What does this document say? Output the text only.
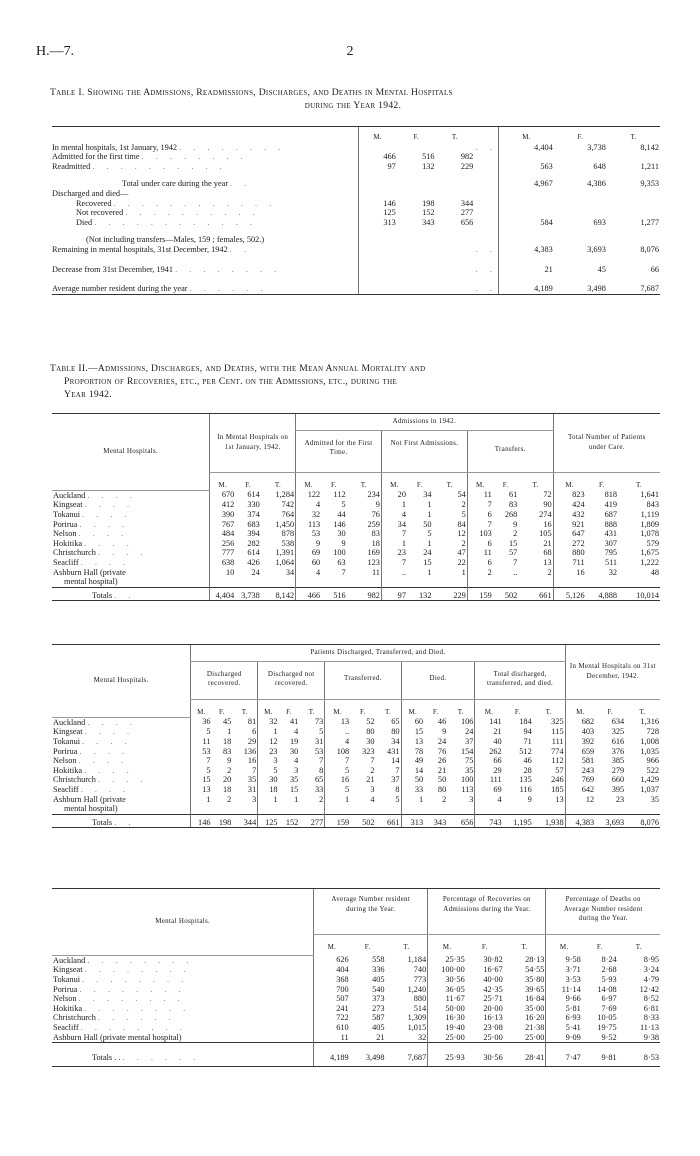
H.—7.	2
Table I. Showing the Admissions, Readmissions, Discharges, and Deaths in Mental Hospitals
during the Year 1942.
	M.	F.	T.		M.	F.	T.
In mental hospitals, 1st January, 1942 . . . . . . . .				. .	4,404	3,738	8,142
Admitted for the first time . . . . . . . .	466	516	982				
Readmitted . . . . . . . . . .	97	132	229		563	648	1,211
Total under care during the year . .					4,967	4,386	9,353
Discharged and died—							
Recovered . . . . . . . . . . . .	146	198	344				
Not recovered . . . . . . . . . .	125	152	277				
Died . . . . . . . . . . . .	313	343	656		584	693	1,277
(Not including transfers—Males, 159 ; females, 502.)							
Remaining in mental hospitals, 31st December, 1942 . .				. .	4,383	3,693	8,076
Decrease from 31st December, 1941 . . . . . . . .				. .	21	45	66
Average number resident during the year . . . . . .				. .	4,189	3,498	7,687
Table II.—Admissions, Discharges, and Deaths, with the Mean Annual Mortality and
Proportion of Recoveries, etc., per Cent. on the Admissions, etc., during the
Year 1942.
Mental Hospitals.	In Mental Hospitals on 1st January, 1942.			Admissions in 1942.									Total Number of Patients under Care.		
				Admitted for the First Time.			Not First Admissions.			Transfers.					
	M.	F.	T.	M.	F.	T.	M.	F.	T.	M.	F.	T.	M.	F.	T.
Auckland . . . .	670	614	1,284	122	112	234	20	34	54	11	61	72	823	818	1,641
Kingseat . . . .	412	330	742	4	5	9	1	1	2	7	83	90	424	419	843
Tokanui . . . .	390	374	764	32	44	76	4	1	5	6	268	274	432	687	1,119
Porirua . . . .	767	683	1,450	113	146	259	34	50	84	7	9	16	921	888	1,809
Nelson . . . .	484	394	878	53	30	83	7	5	12	103	2	105	647	431	1,078
Hokitika . . . .	256	282	538	9	9	18	1	1	2	6	15	21	272	307	579
Christchurch . . . .	777	614	1,391	69	100	169	23	24	47	11	57	68	880	795	1,675
Seacliff . . . .	638	426	1,064	60	63	123	7	15	22	6	7	13	711	511	1,222
Ashburn Hall (private	10	24	34	4	7	11	..	1	1	2	..	2	16	32	48
mental hospital)															
Totals . .	4,404	3,738	8,142	466	516	982	97	132	229	159	502	661	5,126	4,888	10,014
Mental Hospitals.	Patients Discharged, Transferred, and Died.															In Mental Hospitals on 31st December, 1942.		
	Discharged recovered.			Discharged not recovered.			Transferred.			Died.			Total discharged, transferred, and died.					
	M.	F.	T.	M.	F.	T.	M.	F.	T.	M.	F.	T.	M.	F.	T.	M.	F.	T.
Auckland . . . .	36	45	81	32	41	73	13	52	65	60	46	106	141	184	325	682	634	1,316
Kingseat . . . .	5	1	6	1	4	5	..	80	80	15	9	24	21	94	115	403	325	728
Tokanui . . . .	11	18	29	12	19	31	4	30	34	13	24	37	40	71	111	392	616	1,008
Porirua . . . .	53	83	136	23	30	53	108	323	431	78	76	154	262	512	774	659	376	1,035
Nelson . . . .	7	9	16	3	4	7	7	7	14	49	26	75	66	46	112	581	385	966
Hokitika . . . .	5	2	7	5	3	8	5	2	7	14	21	35	29	28	57	243	279	522
Christchurch . . . .	15	20	35	30	35	65	16	21	37	50	50	100	111	135	246	769	660	1,429
Seacliff . . . .	13	18	31	18	15	33	5	3	8	33	80	113	69	116	185	642	395	1,037
Ashburn Hall (private	1	2	3	1	1	2	1	4	5	1	2	3	4	9	13	12	23	35
mental hospital)																		
Totals . .	146	198	344	125	152	277	159	502	661	313	343	656	743	1,195	1,938	4,383	3,693	8,076
Mental Hospitals.	Average Number resident during the Year.			Percentage of Recoveries on Admissions during the Year.			Percentage of Deaths on Average Number resident during the Year.		
	M.	F.	T.	M.	F.	T.	M.	F.	T.
Auckland . . . . . . . .	626	558	1,184	25·35	30·82	28·13	9·58	8·24	8·95
Kingseat . . . . . . . .	404	336	740	100·00	16·67	54·55	3·71	2·68	3·24
Tokanui . . . . . . . .	368	405	773	30·56	40·00	35·80	3·53	5·93	4·79
Porirua . . . . . . . .	700	540	1,240	36·05	42·35	39·65	11·14	14·08	12·42
Nelson . . . . . . . .	507	373	880	11·67	25·71	16·84	9·66	6·97	8·52
Hokitika . . . . . . . .	241	273	514	50·00	20·00	35·00	5·81	7·69	6·81
Christchurch . . . . . .	722	587	1,309	16·30	16·13	16·20	6·93	10·05	8·33
Seacliff . . . . . . . .	610	405	1,015	19·40	23·08	21·38	5·41	19·75	11·13
Ashburn Hall (private mental hospital)	11	21	32	25·00	25·00	25·00	9·09	9·52	9·38
Totals . . . . . . . .	4,189	3,498	7,687	25·93	30·56	28·41	7·47	9·81	8·53
